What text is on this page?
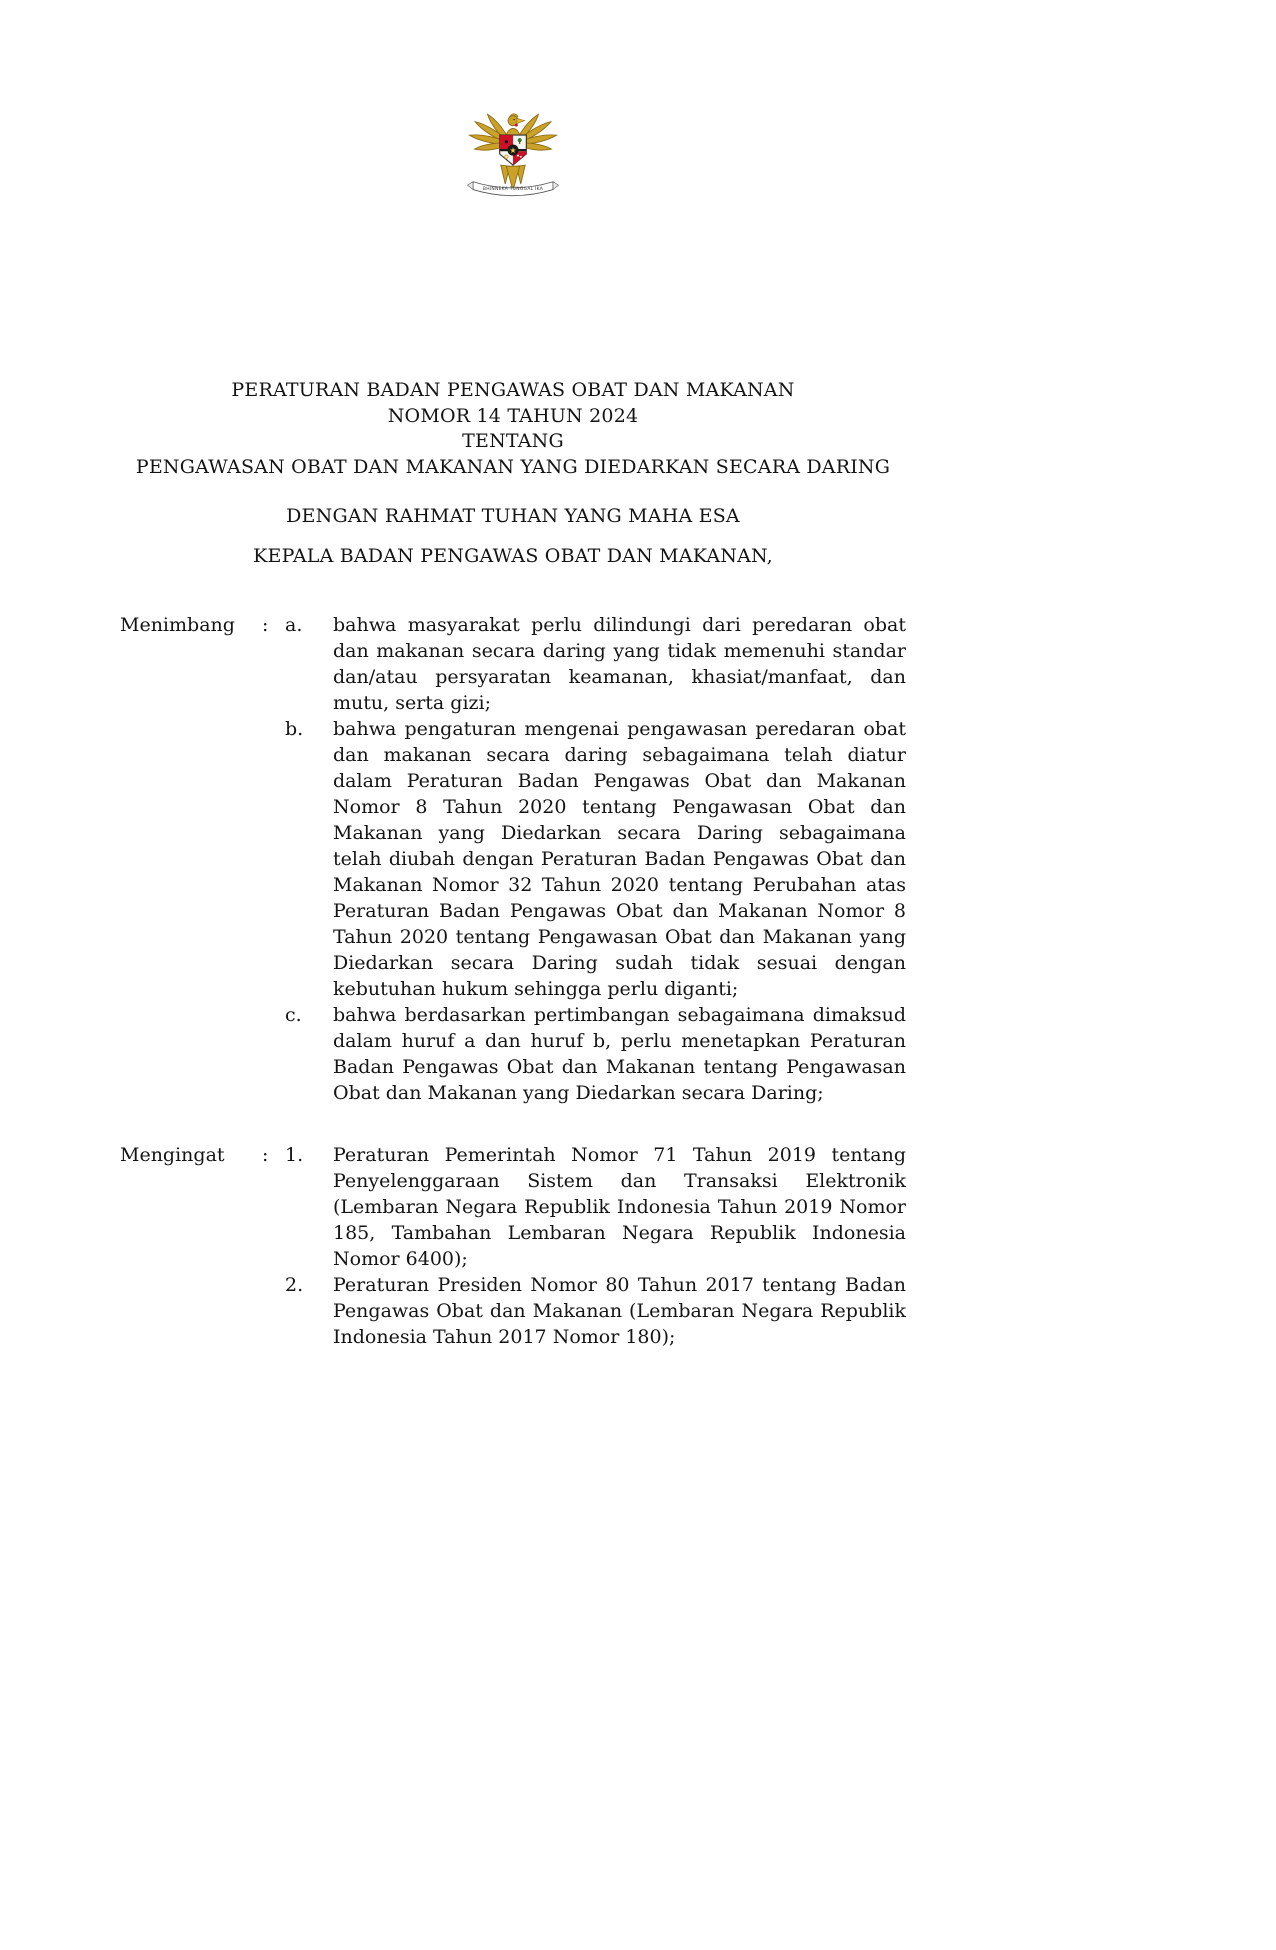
★
BHINNEKA TUNGGAL IKA
PERATURAN BADAN PENGAWAS OBAT DAN MAKANAN
NOMOR 14 TAHUN 2024
TENTANG
PENGAWASAN OBAT DAN MAKANAN YANG DIEDARKAN SECARA DARING
DENGAN RAHMAT TUHAN YANG MAHA ESA
KEPALA BADAN PENGAWAS OBAT DAN MAKANAN,
Menimbang	: a.	bahwa masyarakat perlu dilindungi dari peredaran obat dan makanan secara daring yang tidak memenuhi standar dan/atau persyaratan keamanan, khasiat/manfaat, dan mutu, serta gizi;
b.	bahwa pengaturan mengenai pengawasan peredaran obat dan makanan secara daring sebagaimana telah diatur dalam Peraturan Badan Pengawas Obat dan Makanan Nomor 8 Tahun 2020 tentang Pengawasan Obat dan Makanan yang Diedarkan secara Daring sebagaimana telah diubah dengan Peraturan Badan Pengawas Obat dan Makanan Nomor 32 Tahun 2020 tentang Perubahan atas Peraturan Badan Pengawas Obat dan Makanan Nomor 8 Tahun 2020 tentang Pengawasan Obat dan Makanan yang Diedarkan secara Daring sudah tidak sesuai dengan kebutuhan hukum sehingga perlu diganti;
c.	bahwa berdasarkan pertimbangan sebagaimana dimaksud dalam huruf a dan huruf b, perlu menetapkan Peraturan Badan Pengawas Obat dan Makanan tentang Pengawasan Obat dan Makanan yang Diedarkan secara Daring;
Mengingat	: 1.	Peraturan Pemerintah Nomor 71 Tahun 2019 tentang Penyelenggaraan Sistem dan Transaksi Elektronik (Lembaran Negara Republik Indonesia Tahun 2019 Nomor 185, Tambahan Lembaran Negara Republik Indonesia Nomor 6400);
2.	Peraturan Presiden Nomor 80 Tahun 2017 tentang Badan Pengawas Obat dan Makanan (Lembaran Negara Republik Indonesia Tahun 2017 Nomor 180);
